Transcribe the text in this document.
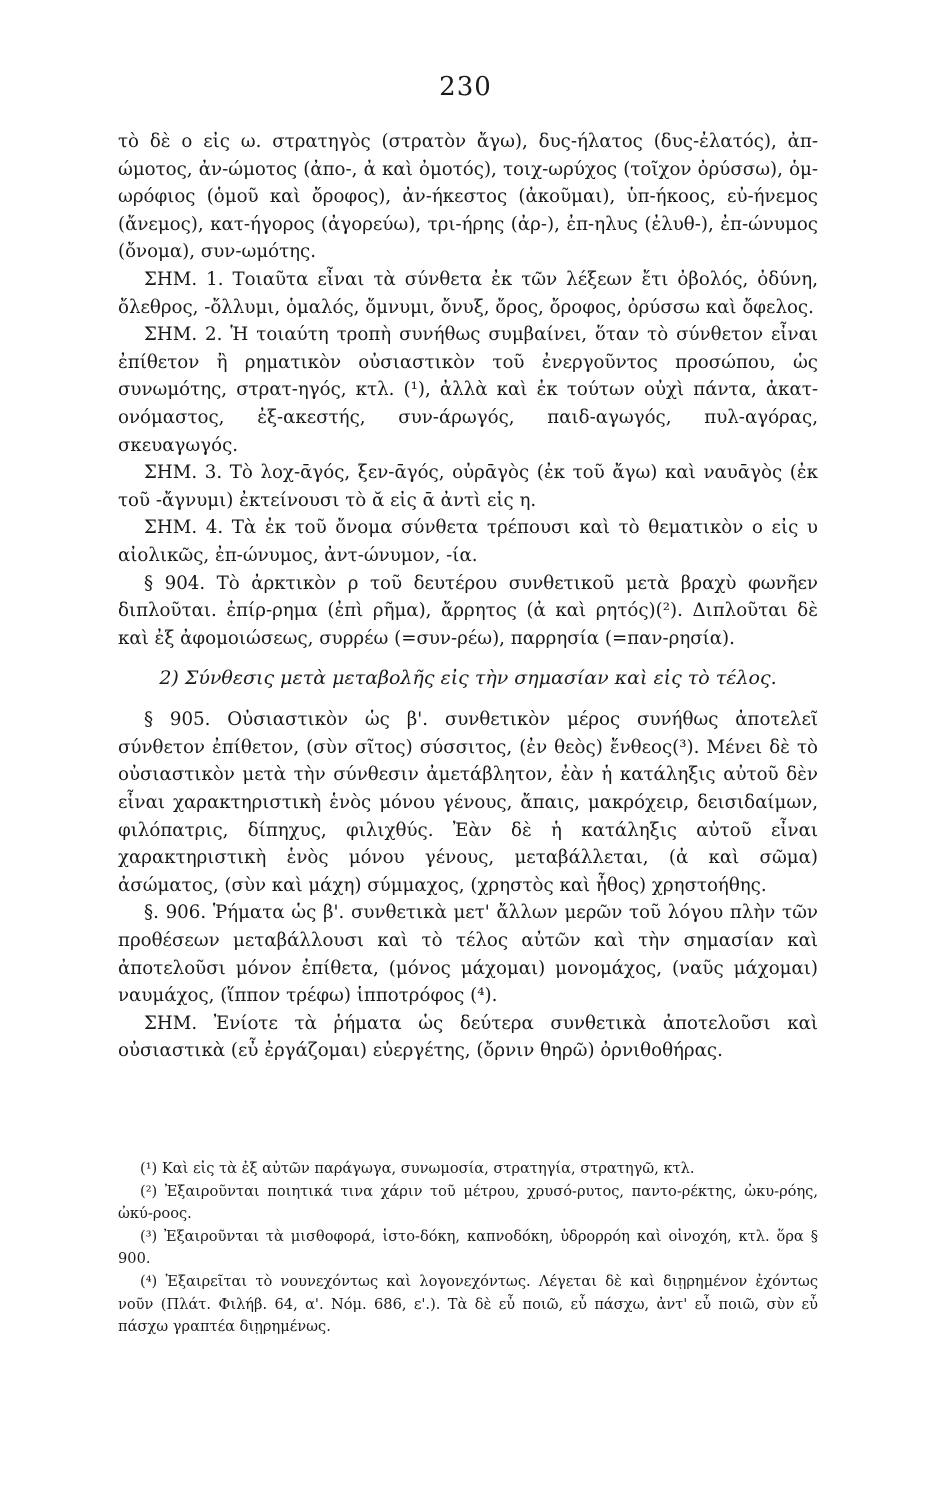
230

τὸ δὲ ο εἰς ω. στρατηγὸς (στρατὸν ἄγω), δυς-ήλατος (δυς-ἐλατός), ἀπ-ώμοτος, ἀν-ώμοτος (ἀπο-, ἀ καὶ ὀμοτός), τοιχ-ωρύχος (τοῖχον ὀρύσσω), ὁμ-ωρόφιος (ὁμοῦ καὶ ὄροφος), ἀν-ήκεστος (ἀκοῦμαι), ὑπ-ήκοος, εὐ-ήνεμος (ἄνεμος), κατ-ήγορος (ἀγορεύω), τρι-ήρης (ἀρ-), ἐπ-ηλυς (ἐλυθ-), ἐπ-ώνυμος (ὄνομα), συν-ωμότης.

ΣΗΜ. 1. Τοιαῦτα εἶναι τὰ σύνθετα ἐκ τῶν λέξεων ἔτι ὀβολός, ὀδύνη, ὄλεθρος, -ὄλλυμι, ὁμαλός, ὄμνυμι, ὄνυξ, ὄρος, ὄροφος, ὀρύσσω καὶ ὄφελος.

ΣΗΜ. 2. Ἡ τοιαύτη τροπὴ συνήθως συμβαίνει, ὅταν τὸ σύνθετον εἶναι ἐπίθετον ἢ ρηματικὸν οὐσιαστικὸν τοῦ ἐνεργοῦντος προσώπου, ὡς συνωμότης, στρατ-ηγός, κτλ. (¹), ἀλλὰ καὶ ἐκ τούτων οὐχὶ πάντα, ἀκατ-ονόμαστος, ἐξ-ακεστής, συν-άρωγός, παιδ-αγωγός, πυλ-αγόρας, σκευαγωγός.

ΣΗΜ. 3. Τὸ λοχ-ᾱγός, ξεν-ᾱγός, οὐρᾱγὸς (ἐκ τοῦ ἄγω) καὶ ναυᾱγὸς (ἐκ τοῦ -ἄγνυμι) ἐκτείνουσι τὸ ᾰ εἰς ᾱ ἀντὶ εἰς η.

ΣΗΜ. 4. Τὰ ἐκ τοῦ ὄνομα σύνθετα τρέπουσι καὶ τὸ θεματικὸν ο εἰς υ αἰολικῶς, ἐπ-ώνυμος, ἀντ-ώνυμον, -ία.

§ 904. Τὸ ἀρκτικὸν ρ τοῦ δευτέρου συνθετικοῦ μετὰ βραχὺ φωνῆεν διπλοῦται. ἐπίρ-ρημα (ἐπὶ ρῆμα), ἄρρητος (ἀ καὶ ρητός)(²). Διπλοῦται δὲ καὶ ἐξ ἀφομοιώσεως, συρρέω (=συν-ρέω), παρρησία (=παν-ρησία).

2) Σύνθεσις μετὰ μεταβολῆς εἰς τὴν σημασίαν καὶ εἰς τὸ τέλος.

§ 905. Οὐσιαστικὸν ὡς β'. συνθετικὸν μέρος συνήθως ἀποτελεῖ σύνθετον ἐπίθετον, (σὺν σῖτος) σύσσιτος, (ἐν θεὸς) ἔνθεος(³). Μένει δὲ τὸ οὐσιαστικὸν μετὰ τὴν σύνθεσιν ἀμετάβλητον, ἐὰν ἡ κατάληξις αὐτοῦ δὲν εἶναι χαρακτηριστικὴ ἑνὸς μόνου γένους, ἄπαις, μακρόχειρ, δεισιδαίμων, φιλόπατρις, δίπηχυς, φιλιχθύς. Ἐὰν δὲ ἡ κατάληξις αὐτοῦ εἶναι χαρακτηριστικὴ ἑνὸς μόνου γένους, μεταβάλλεται, (ἀ καὶ σῶμα) ἀσώματος, (σὺν καὶ μάχη) σύμμαχος, (χρηστὸς καὶ ἦθος) χρηστοήθης.

§. 906. Ῥήματα ὡς β'. συνθετικὰ μετ' ἄλλων μερῶν τοῦ λόγου πλὴν τῶν προθέσεων μεταβάλλουσι καὶ τὸ τέλος αὐτῶν καὶ τὴν σημασίαν καὶ ἀποτελοῦσι μόνον ἐπίθετα, (μόνος μάχομαι) μονομάχος, (ναῦς μάχομαι) ναυμάχος, (ἵππον τρέφω) ἱπποτρόφος (⁴).

ΣΗΜ. Ἐνίοτε τὰ ῥήματα ὡς δεύτερα συνθετικὰ ἀποτελοῦσι καὶ οὐσιαστικὰ (εὖ ἐργάζομαι) εὐεργέτης, (ὄρνιν θηρῶ) ὀρνιθοθήρας.

(¹) Καὶ εἰς τὰ ἐξ αὐτῶν παράγωγα, συνωμοσία, στρατηγία, στρατηγῶ, κτλ.

(²) Ἐξαιροῦνται ποιητικά τινα χάριν τοῦ μέτρου, χρυσό-ρυτος, παντο-ρέκτης, ὠκυ-ρόης, ὠκύ-ροος.

(³) Ἐξαιροῦνται τὰ μισθοφορά, ἱστο-δόκη, καπνοδόκη, ὑδρορρόη καὶ οἰνοχόη, κτλ. ὅρα § 900.

(⁴) Ἐξαιρεῖται τὸ νουνεχόντως καὶ λογονεχόντως. Λέγεται δὲ καὶ διῃρημένον ἐχόντως νοῦν (Πλάτ. Φιλήβ. 64, α'. Νόμ. 686, ε'.). Τὰ δὲ εὖ ποιῶ, εὖ πάσχω, ἀντ' εὖ ποιῶ, σὺν εὖ πάσχω γραπτέα διῃρημένως.
